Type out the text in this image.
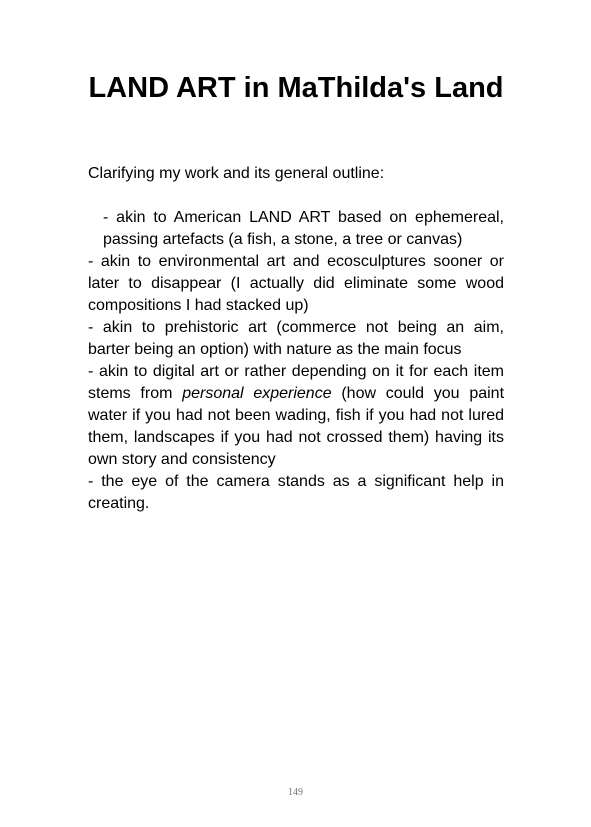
LAND ART in MaThilda's Land

Clarifying my work and its general outline:

- akin to American LAND ART based on ephemereal, passing artefacts (a fish, a stone, a tree or canvas)

- akin to environmental art and ecosculptures sooner or later to disappear (I actually did eliminate some wood compositions I had stacked up)

- akin to prehistoric art (commerce not being an aim, barter being an option) with nature as the main focus

- akin to digital art or rather depending on it for each item stems from personal experience (how could you paint water if you had not been wading, fish if you had not lured them, landscapes if you had not crossed them) having its own story and consistency

- the eye of the camera stands as a significant help in creating.

149
